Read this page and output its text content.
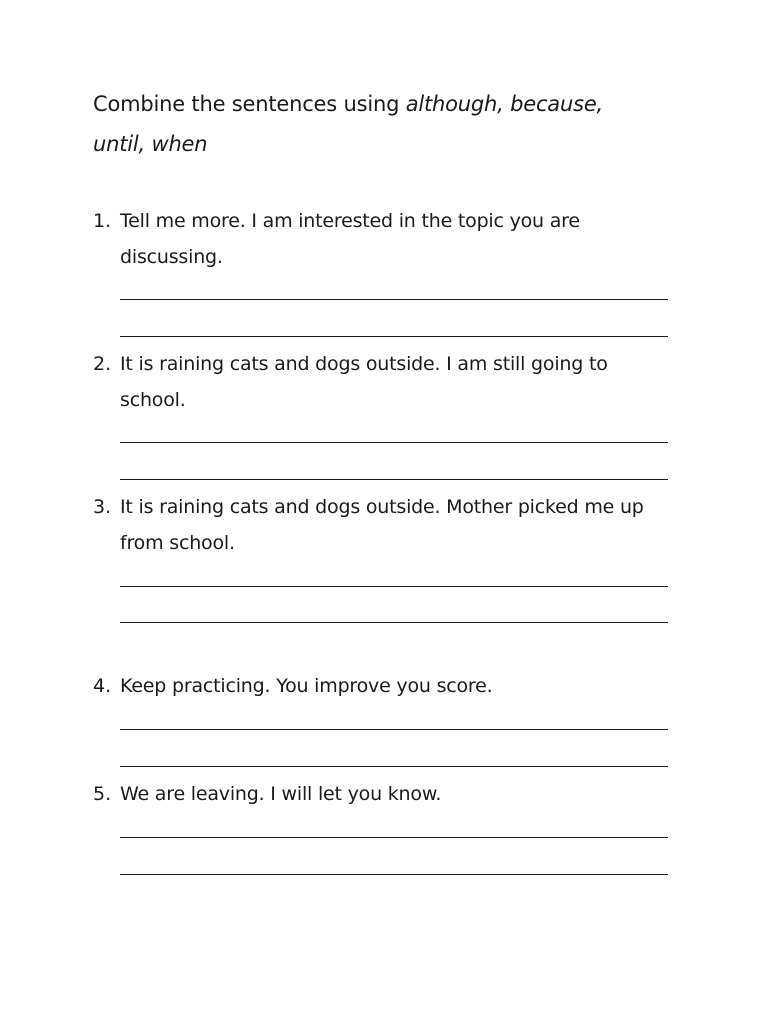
Combine the sentences using although, because,
until, when
1. Tell me more. I am interested in the topic you are discussing.
2. It is raining cats and dogs outside. I am still going to school.
3. It is raining cats and dogs outside. Mother picked me up from school.
4. Keep practicing. You improve you score.
5. We are leaving. I will let you know.
